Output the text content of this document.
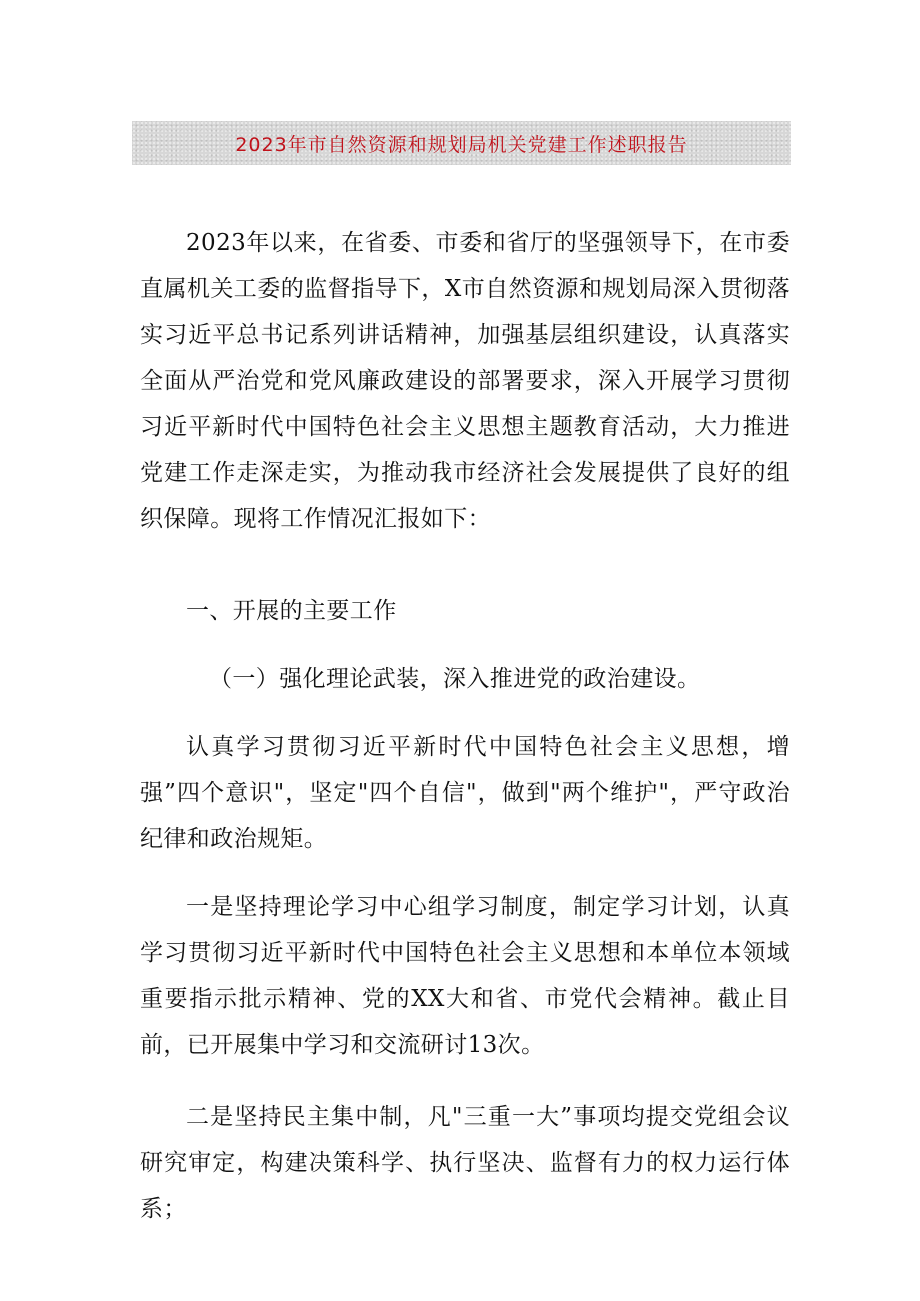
2023年市自然资源和规划局机关党建工作述职报告

2023年以来，在省委、市委和省厅的坚强领导下，在市委直属机关工委的监督指导下，X市自然资源和规划局深入贯彻落实习近平总书记系列讲话精神，加强基层组织建设，认真落实全面从严治党和党风廉政建设的部署要求，深入开展学习贯彻习近平新时代中国特色社会主义思想主题教育活动，大力推进党建工作走深走实，为推动我市经济社会发展提供了良好的组织保障。现将工作情况汇报如下：

一、开展的主要工作

（一）强化理论武装，深入推进党的政治建设。

认真学习贯彻习近平新时代中国特色社会主义思想，增强”四个意识"，坚定"四个自信"，做到"两个维护"，严守政治纪律和政治规矩。

一是坚持理论学习中心组学习制度，制定学习计划，认真学习贯彻习近平新时代中国特色社会主义思想和本单位本领域重要指示批示精神、党的XX大和省、市党代会精神。截止目前，已开展集中学习和交流研讨13次。

二是坚持民主集中制，凡"三重一大”事项均提交党组会议研究审定，构建决策科学、执行坚决、监督有力的权力运行体系；
